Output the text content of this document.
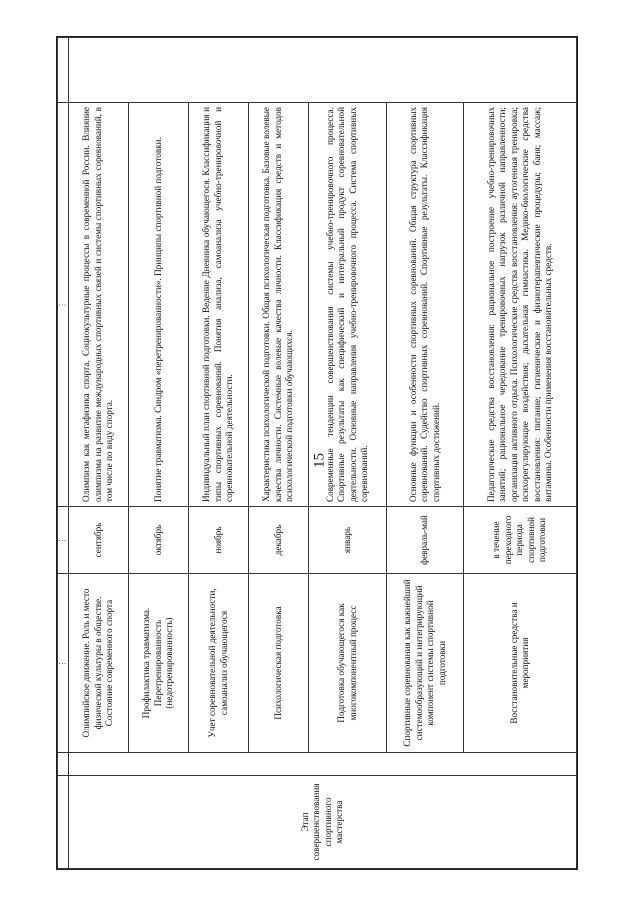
15
		⋮	⋮	⋮	
Этап совершенствования спортивного мастерства		Олимпийское движение. Роль и место физической культуры в обществе. Состояние современного спорта	сентябрь	Олимпизм как метафизика спорта. Социокультурные процессы в современной России. Влияние олимпизма на развитие международных спортивных связей и системы спортивных соревнований, в том числе по виду спорта.	
		Профилактика травматизма. Перетренированность (недотренированность)	октябрь	Понятие травматизма. Синдром «перетренированности». Принципы спортивной подготовки.	
		Учет соревновательной деятельности, самоанализ обучающегося	ноябрь	Индивидуальный план спортивной подготовки. Ведение Дневника обучающегося. Классификация и типы спортивных соревнований. Понятия анализа, самоанализа учебно-тренировочной и соревновательной деятельности.	
		Психологическая подготовка	декабрь	Характеристика психологической подготовки. Общая психологическая подготовка. Базовые волевые качества личности. Системные волевые качества личности. Классификация средств и методов психологической подготовки обучающихся.	
		Подготовка обучающегося как многокомпонентный процесс	январь	Современные тенденции совершенствования системы учебно-тренировочного процесса. Спортивные результаты как специфический и интегральный продукт соревновательной деятельности. Основные направления учебно-тренировочного процесса. Система спортивных соревнований.	
		Спортивные соревнования как важнейший системообразующий и интегрирующий компонент системы спортивной подготовки	февраль-май	Основные функции и особенности спортивных соревнований. Общая структура спортивных соревнований. Судейство спортивных соревнований. Спортивные результаты. Классификация спортивных достижений.	
		Восстановительные средства и мероприятия	в течение переходного периода спортивной подготовки	Педагогические средства восстановления: рациональное построение учебно-тренировочных занятий; рациональное чередование тренировочных нагрузок различной направленности; организация активного отдыха. Психологические средства восстановления: аутогенная тренировка; психорегулирующие воздействия; дыхательная гимнастика. Медико-биологические средства восстановления: питание; гигиенические и физиотерапевтические процедуры; баня; массаж; витамины. Особенности применения восстановительных средств.	
